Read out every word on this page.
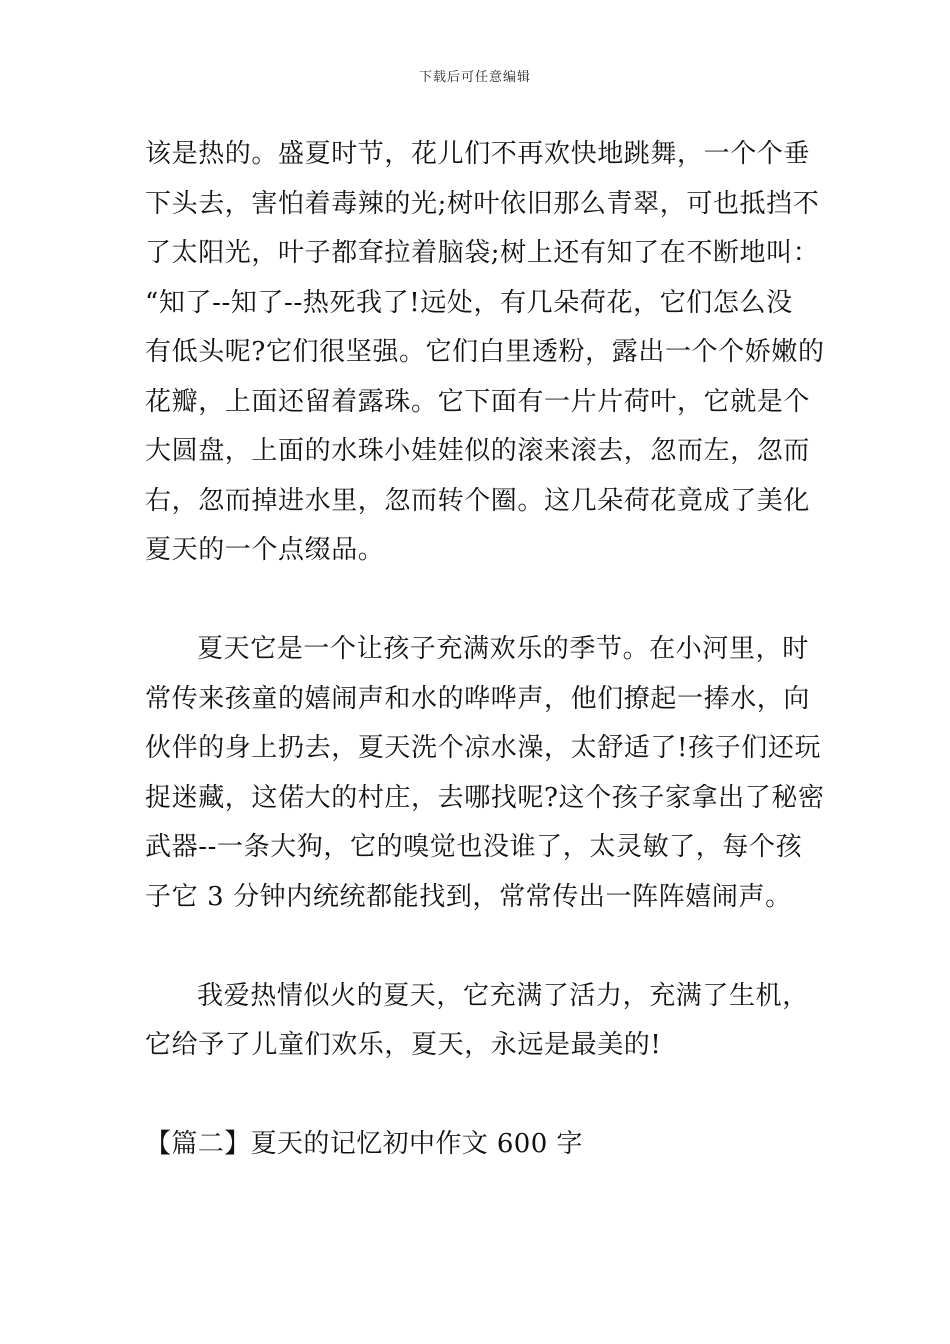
下载后可任意编辑
该是热的。盛夏时节，花儿们不再欢快地跳舞，一个个垂
下头去，害怕着毒辣的光;树叶依旧那么青翠，可也抵挡不
了太阳光，叶子都耷拉着脑袋;树上还有知了在不断地叫：
“知了--知了--热死我了!远处，有几朵荷花，它们怎么没
有低头呢?它们很坚强。它们白里透粉，露出一个个娇嫩的
花瓣，上面还留着露珠。它下面有一片片荷叶，它就是个
大圆盘，上面的水珠小娃娃似的滚来滚去，忽而左，忽而
右，忽而掉进水里，忽而转个圈。这几朵荷花竟成了美化
夏天的一个点缀品。
夏天它是一个让孩子充满欢乐的季节。在小河里，时
常传来孩童的嬉闹声和水的哗哗声，他们撩起一捧水，向
伙伴的身上扔去，夏天洗个凉水澡，太舒适了!孩子们还玩
捉迷藏，这偌大的村庄，去哪找呢?这个孩子家拿出了秘密
武器--一条大狗，它的嗅觉也没谁了，太灵敏了，每个孩
子它 3 分钟内统统都能找到，常常传出一阵阵嬉闹声。
我爱热情似火的夏天，它充满了活力，充满了生机，
它给予了儿童们欢乐，夏天，永远是最美的!
【篇二】夏天的记忆初中作文 600 字
